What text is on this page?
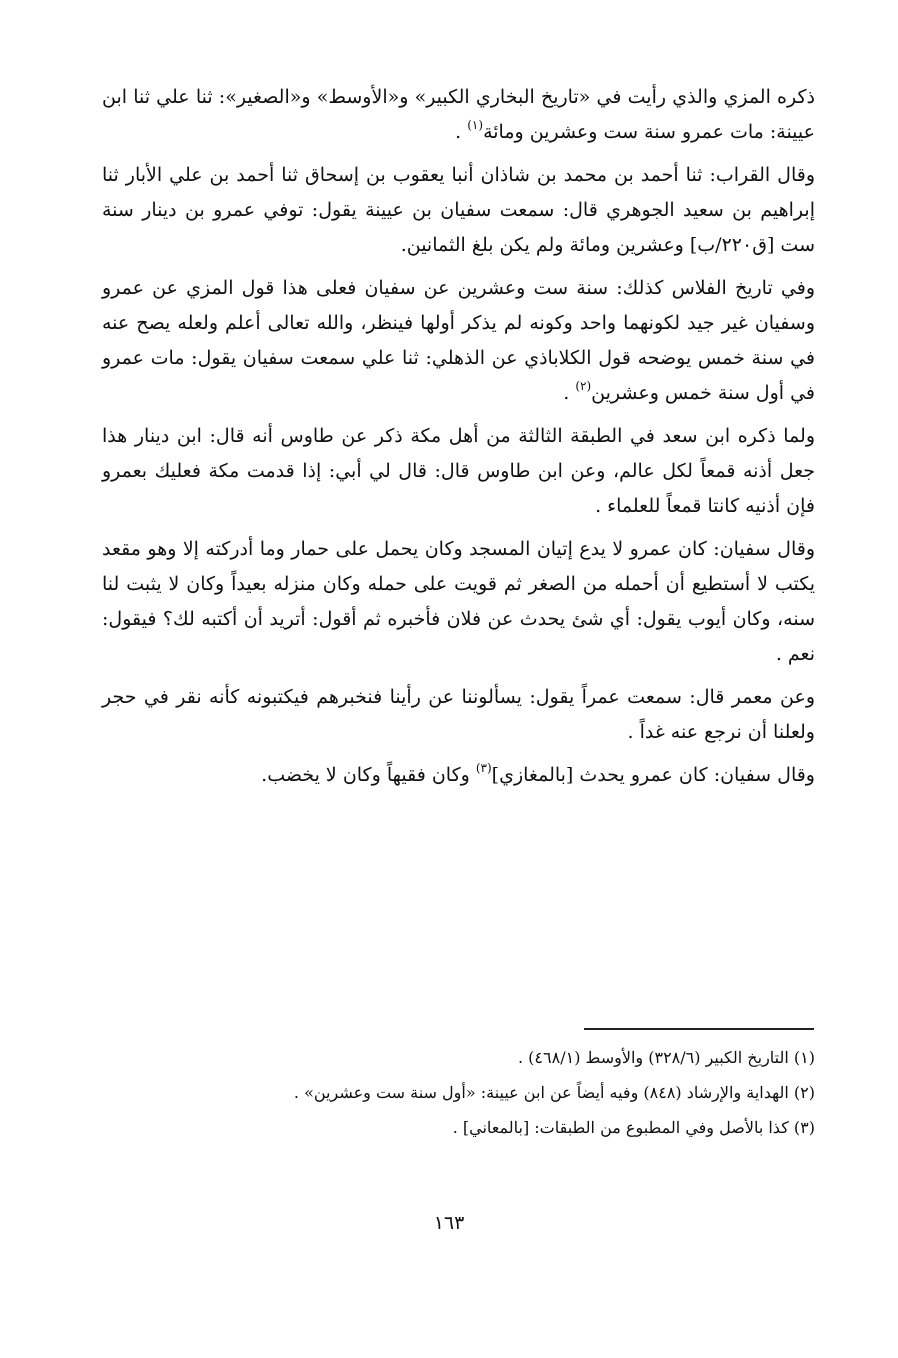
ذكره المزي والذي رأيت في «تاريخ البخاري الكبير» و«الأوسط» و«الصغير»: ثنا علي ثنا ابن عيينة: مات عمرو سنة ست وعشرين ومائة$^{(١)}$ .

وقال القراب: ثنا أحمد بن محمد بن شاذان أنبا يعقوب بن إسحاق ثنا أحمد بن علي الأبار ثنا إبراهيم بن سعيد الجوهري قال: سمعت سفيان بن عيينة يقول: توفي عمرو بن دينار سنة ست [ق٢٢٠/ب] وعشرين ومائة ولم يكن بلغ الثمانين.

وفي تاريخ الفلاس كذلك: سنة ست وعشرين عن سفيان فعلى هذا قول المزي عن عمرو وسفيان غير جيد لكونهما واحد وكونه لم يذكر أولها فينظر، والله تعالى أعلم ولعله يصح عنه في سنة خمس يوضحه قول الكلاباذي عن الذهلي: ثنا علي سمعت سفيان يقول: مات عمرو في أول سنة خمس وعشرين$^{(٢)}$ .

ولما ذكره ابن سعد في الطبقة الثالثة من أهل مكة ذكر عن طاوس أنه قال: ابن دينار هذا جعل أذنه قمعاً لكل عالم، وعن ابن طاوس قال: قال لي أبي: إذا قدمت مكة فعليك بعمرو فإن أذنيه كانتا قمعاً للعلماء .

وقال سفيان: كان عمرو لا يدع إتيان المسجد وكان يحمل على حمار وما أدركته إلا وهو مقعد يكتب لا أستطيع أن أحمله من الصغر ثم قويت على حمله وكان منزله بعيداً وكان لا يثبت لنا سنه، وكان أيوب يقول: أي شئ يحدث عن فلان فأخبره ثم أقول: أتريد أن أكتبه لك؟ فيقول: نعم .

وعن معمر قال: سمعت عمراً يقول: يسألوننا عن رأينا فنخبرهم فيكتبونه كأنه نقر في حجر ولعلنا أن نرجع عنه غداً .

وقال سفيان: كان عمرو يحدث [بالمغازي]$^{(٣)}$ وكان فقيهاً وكان لا يخضب.

(١) التاريخ الكبير (٣٢٨/٦) والأوسط (٤٦٨/١) .

(٢) الهداية والإرشاد (٨٤٨) وفيه أيضاً عن ابن عيينة: «أول سنة ست وعشرين» .

(٣) كذا بالأصل وفي المطبوع من الطبقات: [بالمعاني] .

١٦٣
